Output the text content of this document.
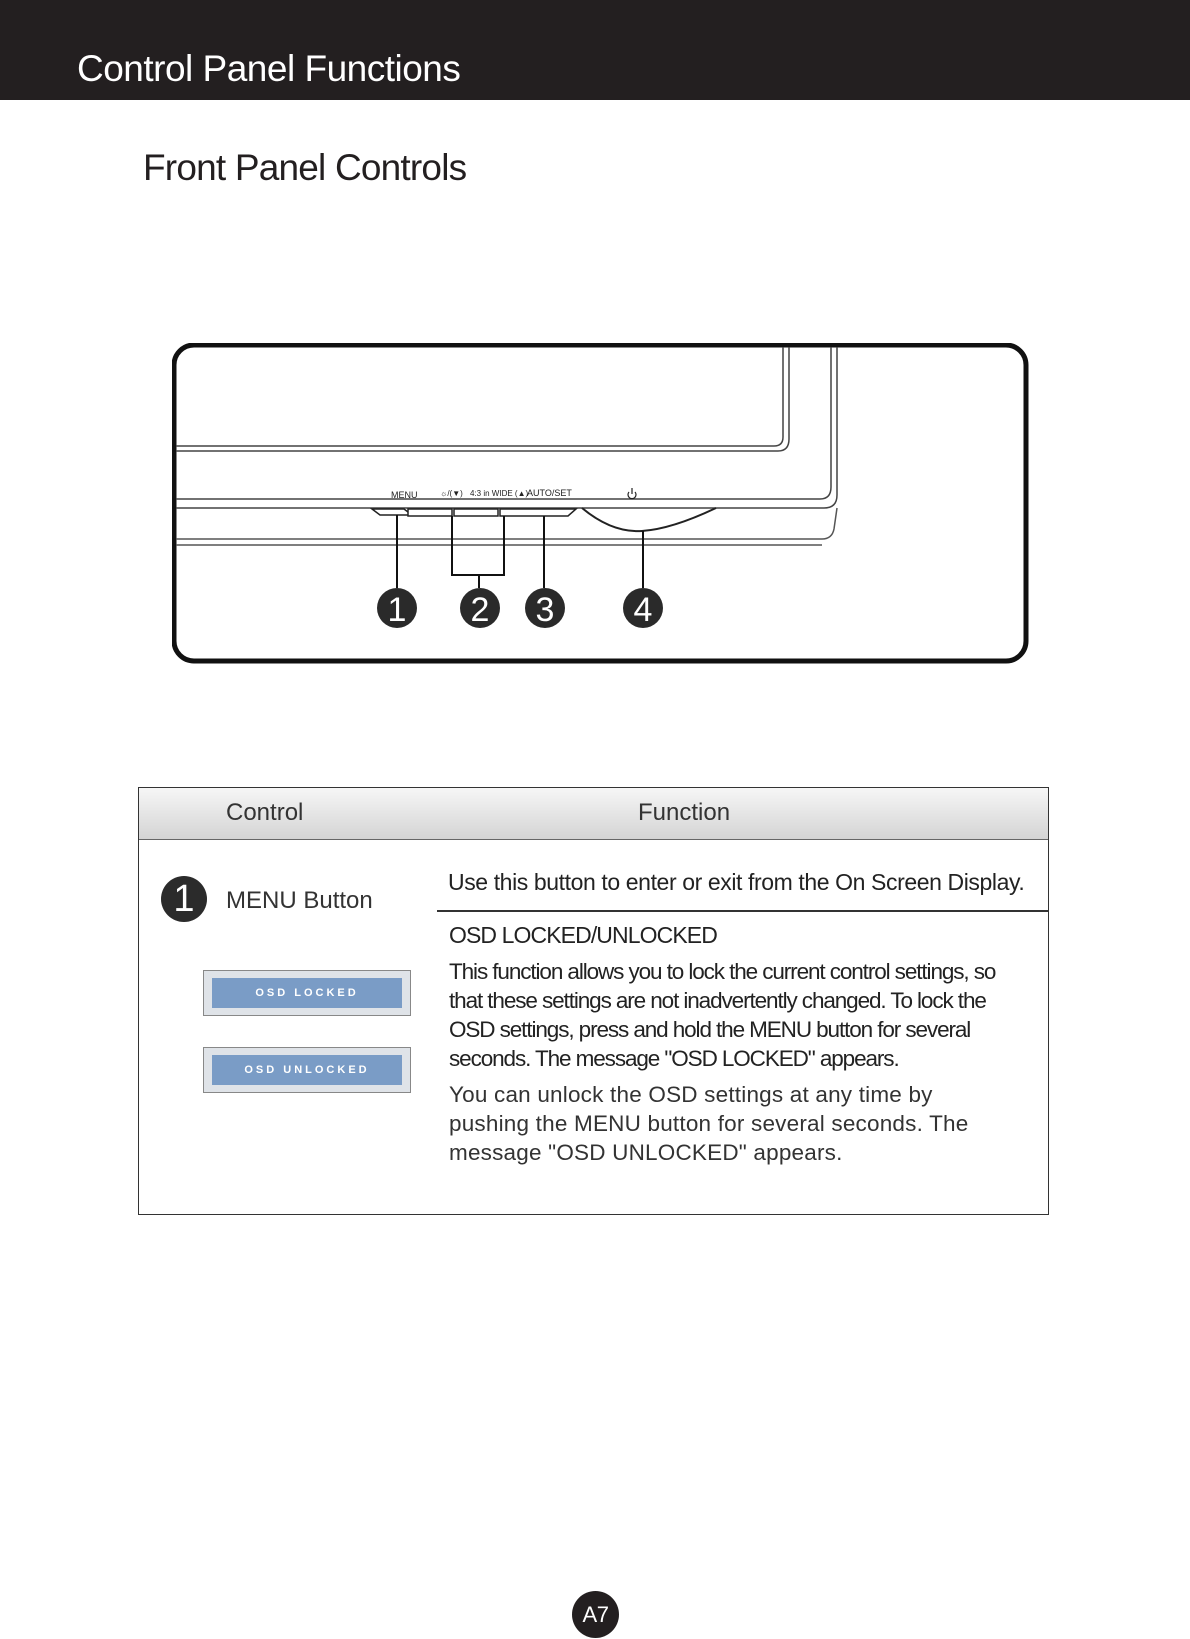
Control Panel Functions
Front Panel Controls
MENU	☼/(▼) 4:3 in WIDE (▲)
AUTO/SET
1 2 3 4
Control	Function
1	MENU Button
OSD LOCKED
OSD UNLOCKED
Use this button to enter or exit from the On Screen Display.
OSD LOCKED/UNLOCKED
This function allows you to lock the current control settings, so that these settings are not inadvertently changed. To lock the OSD settings, press and hold the MENU button for several seconds. The message "OSD LOCKED" appears.
You can unlock the OSD settings at any time by pushing the MENU button for several seconds. The message "OSD UNLOCKED" appears.
A7
